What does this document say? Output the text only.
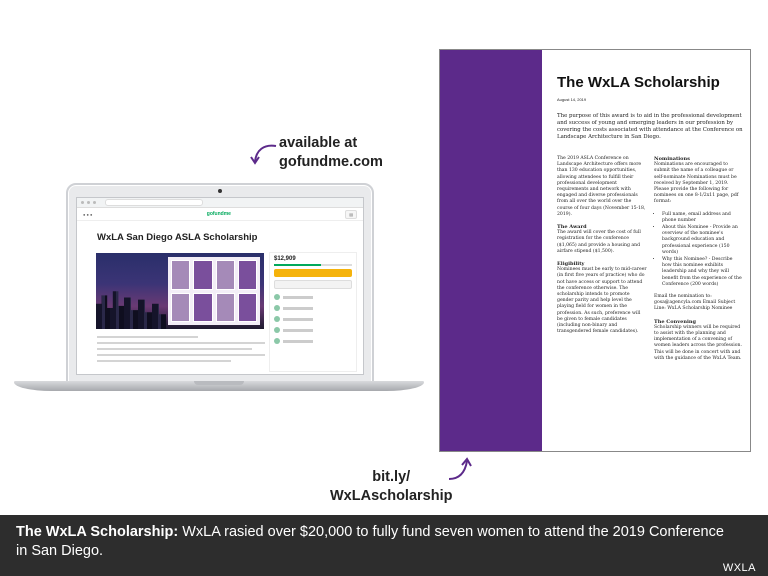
● ● ●	gofundme	▤
WxLA San Diego ASLA Scholarship
$12,909
available at
gofundme.com
bit.ly/
WxLAscholarship
The WxLA Scholarship
August 14, 2019
The purpose of this award is to aid in the professional development and success of young and emerging leaders in our profession by covering the costs associated with attendance at the Conference on Landscape Architecture in San Diego.

The 2019 ASLA Conference on Landscape Architecture offers more than 130 education opportunities, allowing attendees to fulfill their professional development requirements and network with engaged and diverse professionals from all over the world over the course of four days (November 15-18, 2019).

The Award

The award will cover the cost of full registration for the conference ($1,065) and provide a housing and airfare stipend ($1,500).

Eligibility

Nominees must be early to mid-career (in first five years of practice) who do not have access or support to attend the conference otherwise. The scholarship intends to promote gender parity and help level the playing field for women in the profession. As such, preference will be given to female candidates (including non-binary and transgendered female candidates).

Nominations

Nominations are encouraged to submit the name of a colleague or self-nominate Nominations must be received by September 1, 2019. Please provide the following for nominees on one 8-1/2x11 page, pdf format:

• Full name, email address and phone number
• About this Nominee - Provide an overview of the nominee's background education and professional experience (150 words)
• Why this Nominee? - Describe how this nominee exhibits leadership and why they will benefit from the experience of the Conference (200 words)

Email the nomination to: gosa@agencyla.com Email Subject Line: WxLA Scholarship Nominee

The Convening

Scholarship winners will be required to assist with the planning and implementation of a convening of women leaders across the profession. This will be done in concert with and with the guidance of the WxLA Team.

The WxLA Scholarship: WxLA rasied over $20,000 to fully fund seven women to attend the 2019 Conference in San Diego.
WXLA
